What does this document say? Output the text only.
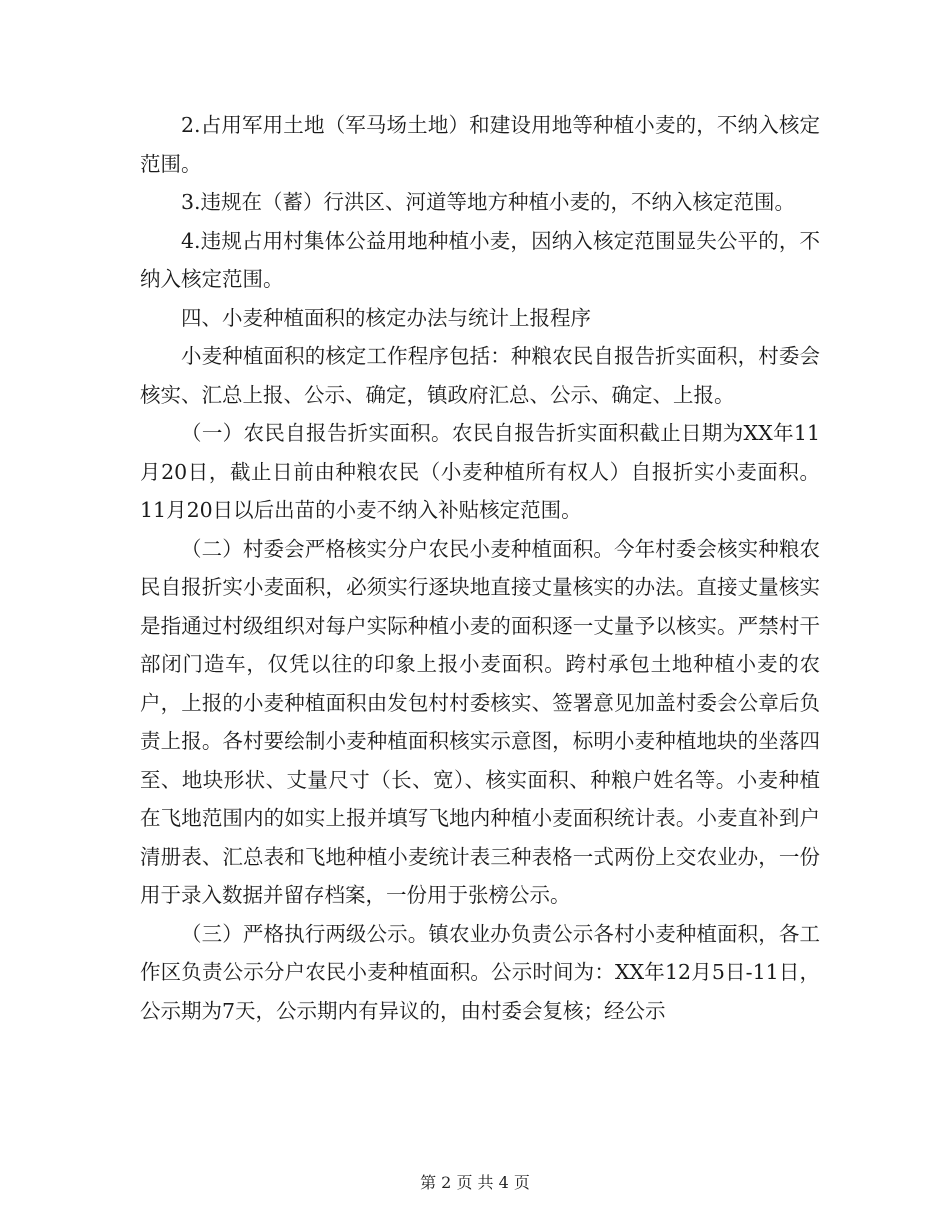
2.占用军用土地（军马场土地）和建设用地等种植小麦的，不纳入核定范围。

3.违规在（蓄）行洪区、河道等地方种植小麦的，不纳入核定范围。

4.违规占用村集体公益用地种植小麦，因纳入核定范围显失公平的，不纳入核定范围。

四、小麦种植面积的核定办法与统计上报程序

小麦种植面积的核定工作程序包括：种粮农民自报告折实面积，村委会核实、汇总上报、公示、确定，镇政府汇总、公示、确定、上报。

（一）农民自报告折实面积。农民自报告折实面积截止日期为XX年11月20日，截止日前由种粮农民（小麦种植所有权人）自报折实小麦面积。11月20日以后出苗的小麦不纳入补贴核定范围。

（二）村委会严格核实分户农民小麦种植面积。今年村委会核实种粮农民自报折实小麦面积，必须实行逐块地直接丈量核实的办法。直接丈量核实是指通过村级组织对每户实际种植小麦的面积逐一丈量予以核实。严禁村干部闭门造车，仅凭以往的印象上报小麦面积。跨村承包土地种植小麦的农户，上报的小麦种植面积由发包村村委核实、签署意见加盖村委会公章后负责上报。各村要绘制小麦种植面积核实示意图，标明小麦种植地块的坐落四至、地块形状、丈量尺寸（长、宽）、核实面积、种粮户姓名等。小麦种植在飞地范围内的如实上报并填写飞地内种植小麦面积统计表。小麦直补到户清册表、汇总表和飞地种植小麦统计表三种表格一式两份上交农业办，一份用于录入数据并留存档案，一份用于张榜公示。

（三）严格执行两级公示。镇农业办负责公示各村小麦种植面积，各工作区负责公示分户农民小麦种植面积。公示时间为：XX年12月5日-11日，公示期为7天，公示期内有异议的，由村委会复核；经公示

第 2 页 共 4 页
